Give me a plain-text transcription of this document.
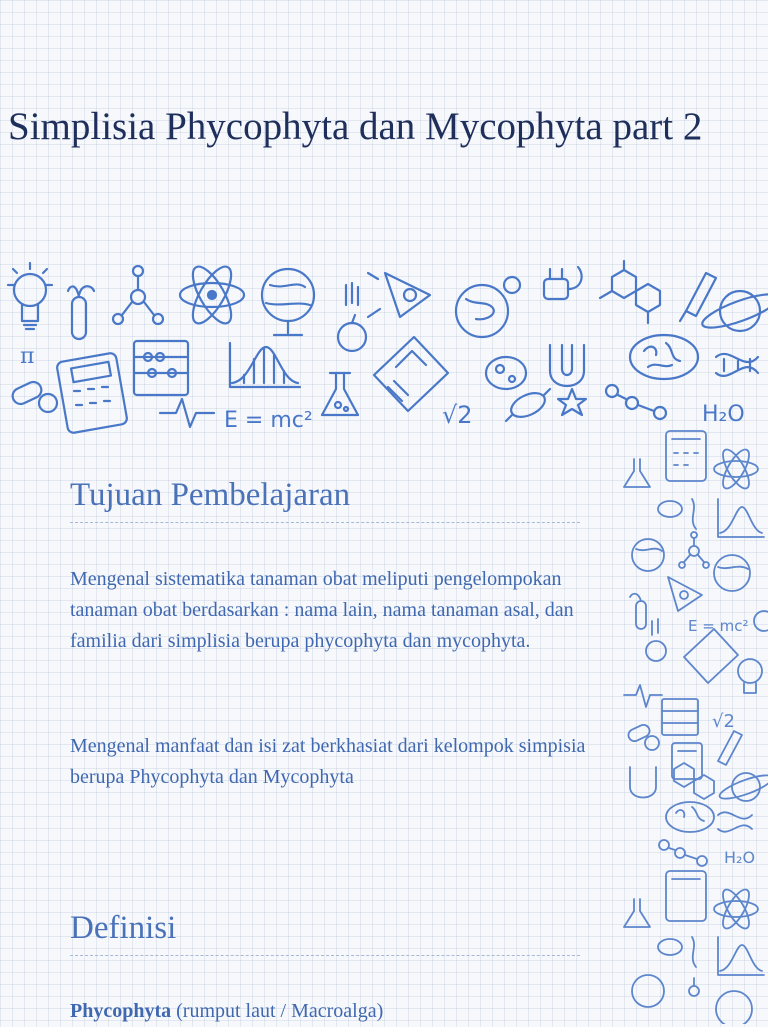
Simplisia Phycophyta dan Mycophyta part 2
π
E = mc²	√2	H₂O
E = mc²
√2
H₂O
Tujuan Pembelajaran

Mengenal sistematika tanaman obat meliputi pengelompokan tanaman obat berdasarkan : nama lain, nama tanaman asal, dan familia dari simplisia berupa phycophyta dan mycophyta.

Mengenal manfaat dan isi zat berkhasiat dari kelompok simpisia berupa Phycophyta dan Mycophyta

Definisi

Phycophyta (rumput laut / Macroalga)
